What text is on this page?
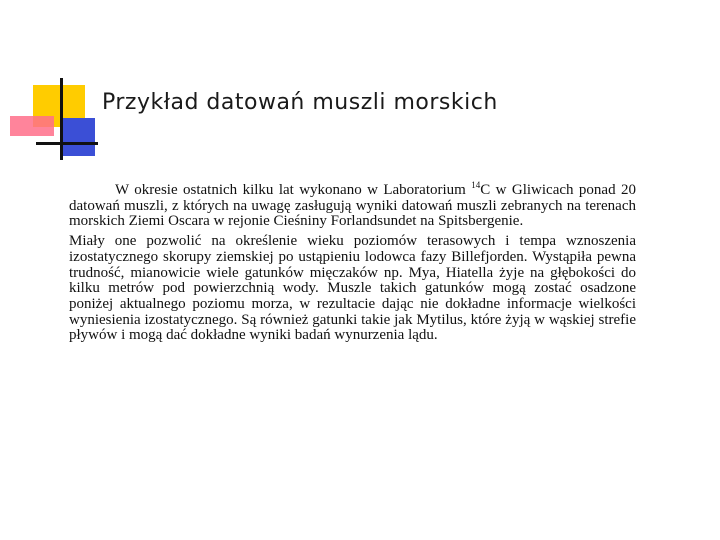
Przykład datowań muszli morskich

W okresie ostatnich kilku lat wykonano w Laboratorium $^{14}$C w Gliwicach ponad 20 datowań muszli, z których na uwagę zasługują wyniki datowań muszli zebranych na terenach morskich Ziemi Oscara w rejonie Cieśniny Forlandsundet na Spitsbergenie.

Miały one pozwolić na określenie wieku poziomów terasowych i tempa wznoszenia izostatycznego skorupy ziemskiej po ustąpieniu lodowca fazy Billefjorden. Wystąpiła pewna trudność, mianowicie wiele gatunków mięczaków np. Mya, Hiatella żyje na głębokości do kilku metrów pod powierzchnią wody. Muszle takich gatunków mogą zostać osadzone poniżej aktualnego poziomu morza, w rezultacie dając nie dokładne informacje wielkości wyniesienia izostatycznego. Są również gatunki takie jak Mytilus, które żyją w wąskiej strefie pływów i mogą dać dokładne wyniki badań wynurzenia lądu.
